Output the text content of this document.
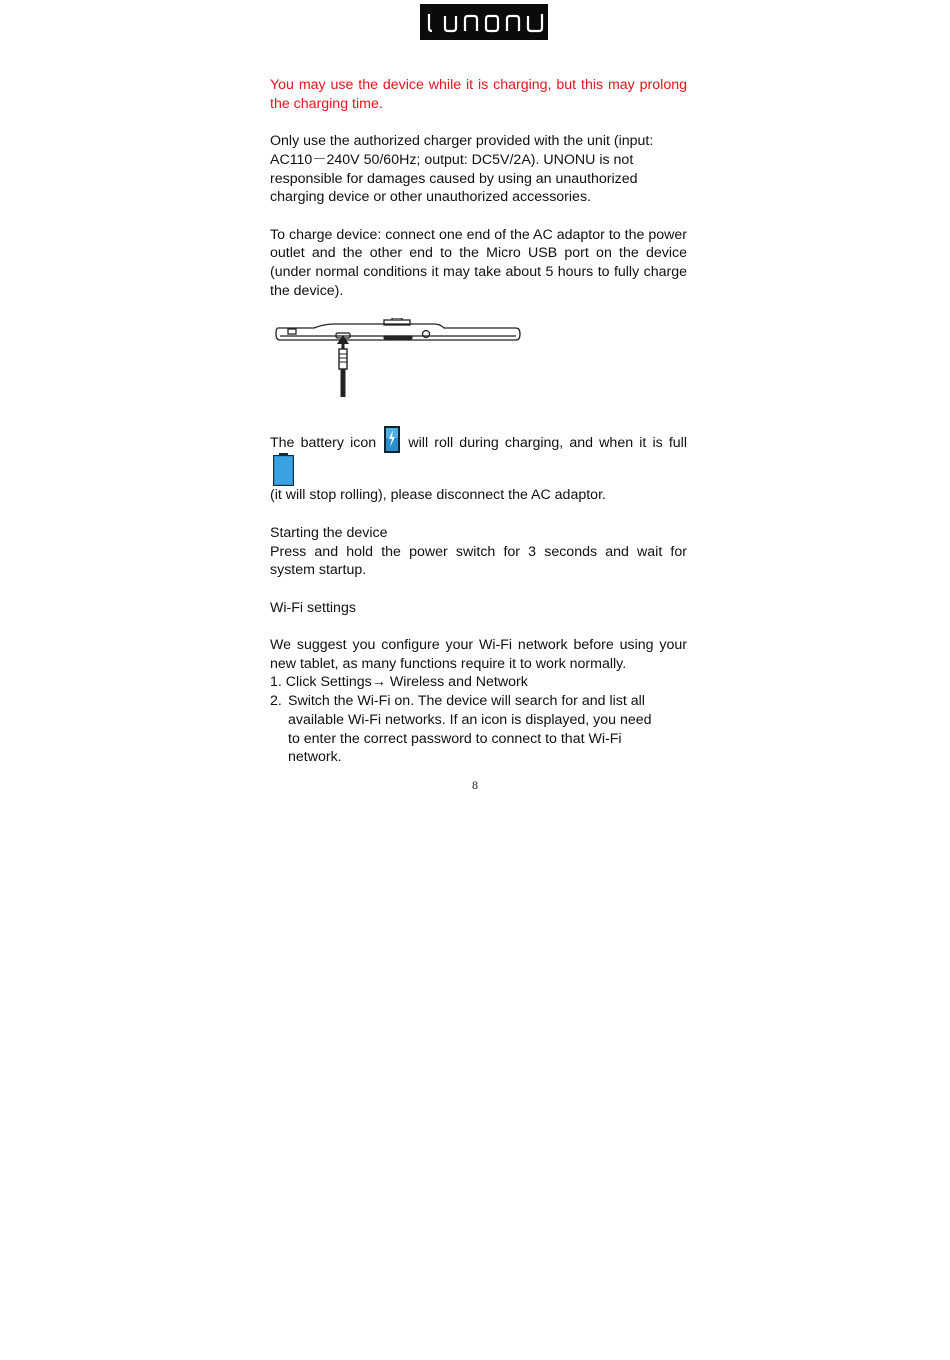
You may use the device while it is charging, but this may prolong the charging time.

Only use the authorized charger provided with the unit (input:

AC110－240V 50/60Hz; output: DC5V/2A). UNONU is not

responsible for damages caused by using an unauthorized

charging device or other unauthorized accessories.

To charge device: connect one end of the AC adaptor to the power outlet and the other end to the Micro USB port on the device (under normal conditions it may take about 5 hours to fully charge the device).

The battery icon will roll during charging, and when it is full
(it will stop rolling), please disconnect the AC adaptor.

Starting the device

Press and hold the power switch for 3 seconds and wait for system startup.

Wi-Fi settings

We suggest you configure your Wi-Fi network before using your new tablet, as many functions require it to work normally.

1. Click Settings→ Wireless and Network

2. Switch the Wi-Fi on. The device will search for and list all

available Wi-Fi networks. If an icon is displayed, you need

to enter the correct password to connect to that Wi-Fi

network.

8
